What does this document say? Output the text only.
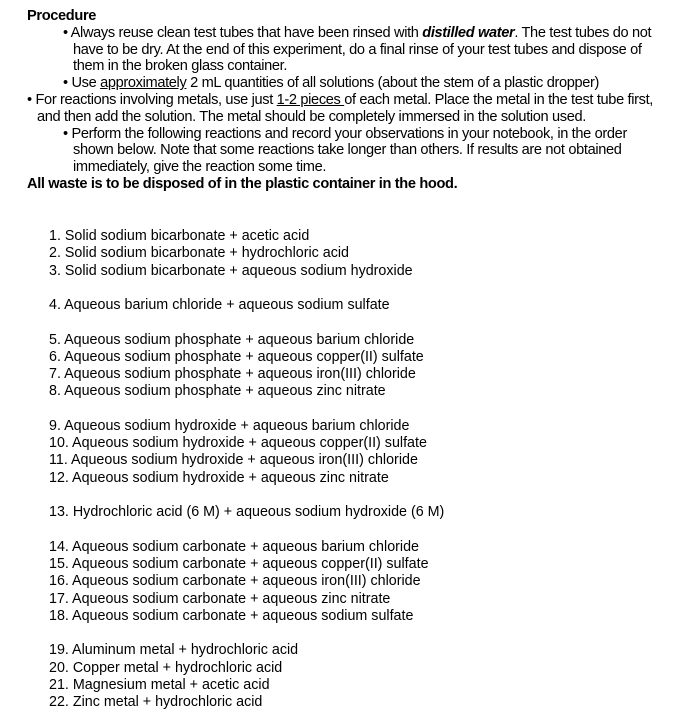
Procedure
• Always reuse clean test tubes that have been rinsed with distilled water. The test tubes do not have to be dry. At the end of this experiment, do a final rinse of your test tubes and dispose of them in the broken glass container.
• Use approximately 2 mL quantities of all solutions (about the stem of a plastic dropper)
• For reactions involving metals, use just 1-2 pieces of each metal. Place the metal in the test tube first, and then add the solution. The metal should be completely immersed in the solution used.
• Perform the following reactions and record your observations in your notebook, in the order shown below. Note that some reactions take longer than others. If results are not obtained immediately, give the reaction some time.
All waste is to be disposed of in the plastic container in the hood.
1. Solid sodium bicarbonate + acetic acid
2. Solid sodium bicarbonate + hydrochloric acid
3. Solid sodium bicarbonate + aqueous sodium hydroxide
4. Aqueous barium chloride + aqueous sodium sulfate
5. Aqueous sodium phosphate + aqueous barium chloride
6. Aqueous sodium phosphate + aqueous copper(II) sulfate
7. Aqueous sodium phosphate + aqueous iron(III) chloride
8. Aqueous sodium phosphate + aqueous zinc nitrate
9. Aqueous sodium hydroxide + aqueous barium chloride
10. Aqueous sodium hydroxide + aqueous copper(II) sulfate
11. Aqueous sodium hydroxide + aqueous iron(III) chloride
12. Aqueous sodium hydroxide + aqueous zinc nitrate
13. Hydrochloric acid (6 M) + aqueous sodium hydroxide (6 M)
14. Aqueous sodium carbonate + aqueous barium chloride
15. Aqueous sodium carbonate + aqueous copper(II) sulfate
16. Aqueous sodium carbonate + aqueous iron(III) chloride
17. Aqueous sodium carbonate + aqueous zinc nitrate
18. Aqueous sodium carbonate + aqueous sodium sulfate
19. Aluminum metal + hydrochloric acid
20. Copper metal + hydrochloric acid
21. Magnesium metal + acetic acid
22. Zinc metal + hydrochloric acid
